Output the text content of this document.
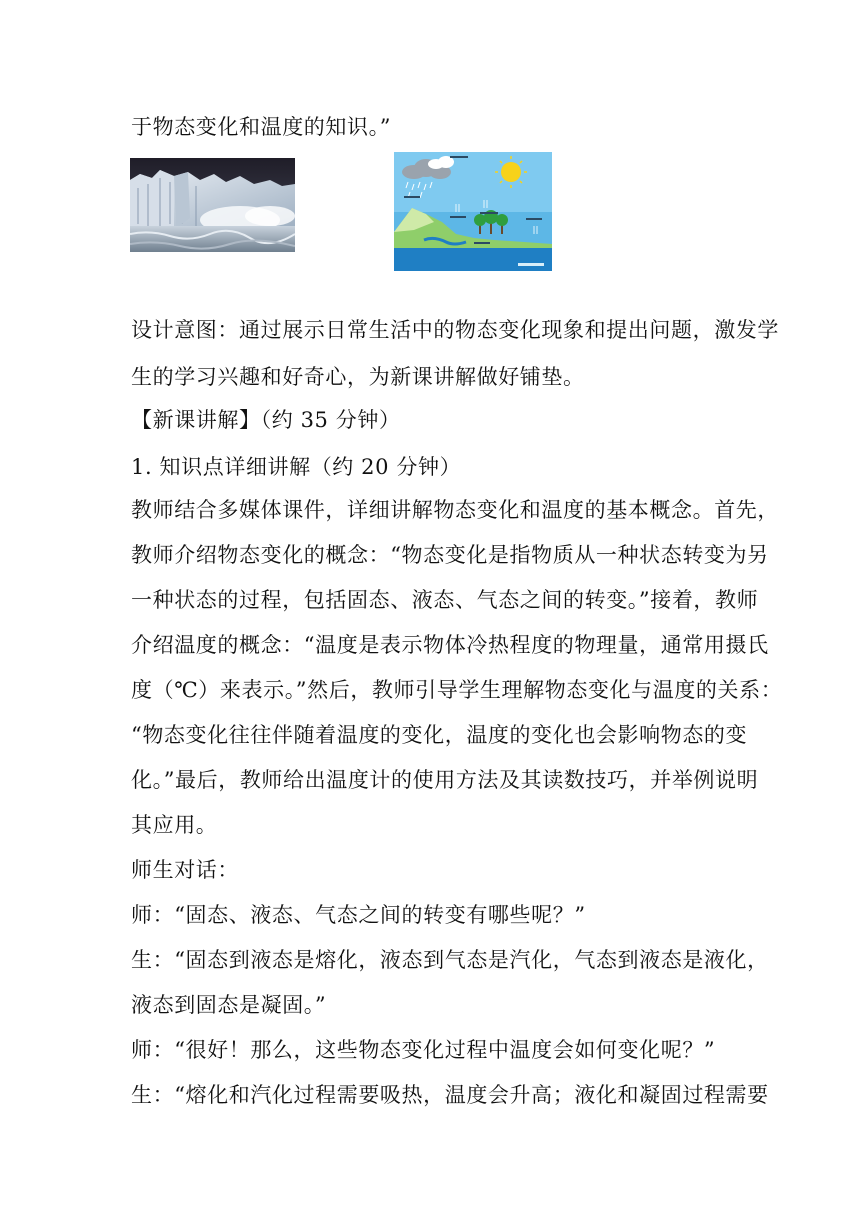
于物态变化和温度的知识。”
设计意图：通过展示日常生活中的物态变化现象和提出问题，激发学
生的学习兴趣和好奇心，为新课讲解做好铺垫。
【新课讲解】（约 35 分钟）
1. 知识点详细讲解（约 20 分钟）
教师结合多媒体课件，详细讲解物态变化和温度的基本概念。首先，
教师介绍物态变化的概念：“物态变化是指物质从一种状态转变为另
一种状态的过程，包括固态、液态、气态之间的转变。”接着，教师
介绍温度的概念：“温度是表示物体冷热程度的物理量，通常用摄氏
度（℃）来表示。”然后，教师引导学生理解物态变化与温度的关系：
“物态变化往往伴随着温度的变化，温度的变化也会影响物态的变
化。”最后，教师给出温度计的使用方法及其读数技巧，并举例说明
其应用。
师生对话：
师：“固态、液态、气态之间的转变有哪些呢？”
生：“固态到液态是熔化，液态到气态是汽化，气态到液态是液化，
液态到固态是凝固。”
师：“很好！那么，这些物态变化过程中温度会如何变化呢？”
生：“熔化和汽化过程需要吸热，温度会升高；液化和凝固过程需要
